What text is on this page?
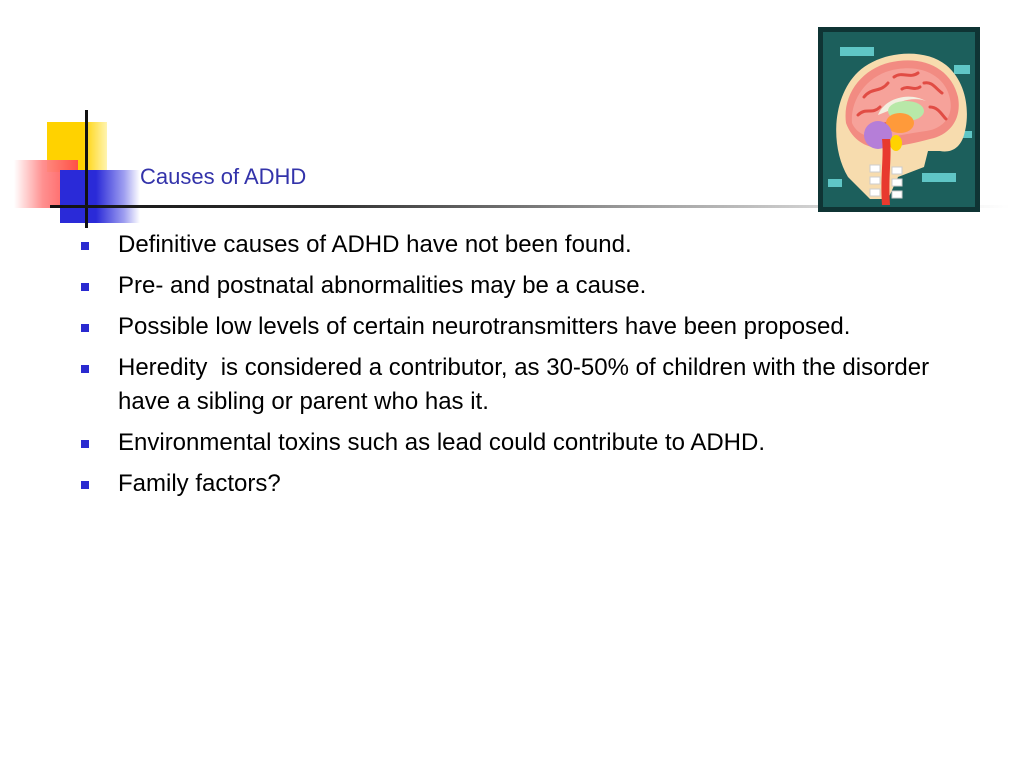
Causes of ADHD
Definitive causes of ADHD have not been found.
Pre- and postnatal abnormalities may be a cause.
Possible low levels of certain neurotransmitters have been proposed.
Heredity  is considered a contributor, as 30-50% of children with the disorder have a sibling or parent who has it.
Environmental toxins such as lead could contribute to ADHD.
Family factors?
